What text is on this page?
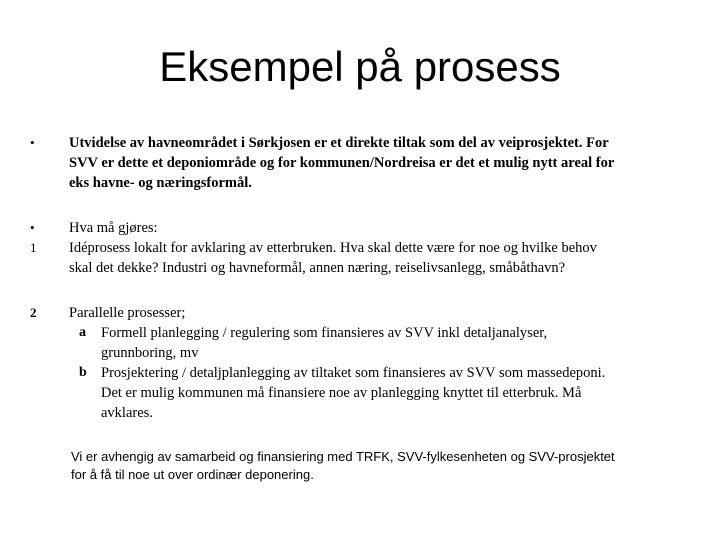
Eksempel på prosess
•	Utvidelse av havneområdet i Sørkjosen er et direkte tiltak som del av veiprosjektet. For
SVV er dette et deponiområde og for kommunen/Nordreisa er det et mulig nytt areal for
eks havne- og næringsformål.
•	Hva må gjøres:
1	Idéprosess lokalt for avklaring av etterbruken. Hva skal dette være for noe og hvilke behov
skal det dekke? Industri og havneformål, annen næring, reiselivsanlegg, småbåthavn?
2	Parallelle prosesser;
a	Formell planlegging / regulering som finansieres av SVV inkl detaljanalyser,
grunnboring, mv
b Prosjektering / detaljplanlegging av tiltaket som finansieres av SVV som massedeponi.
Det er mulig kommunen må finansiere noe av planlegging knyttet til etterbruk. Må
avklares.
Vi er avhengig av samarbeid og finansiering med TRFK, SVV-fylkesenheten og SVV-prosjektet
for å få til noe ut over ordinær deponering.
